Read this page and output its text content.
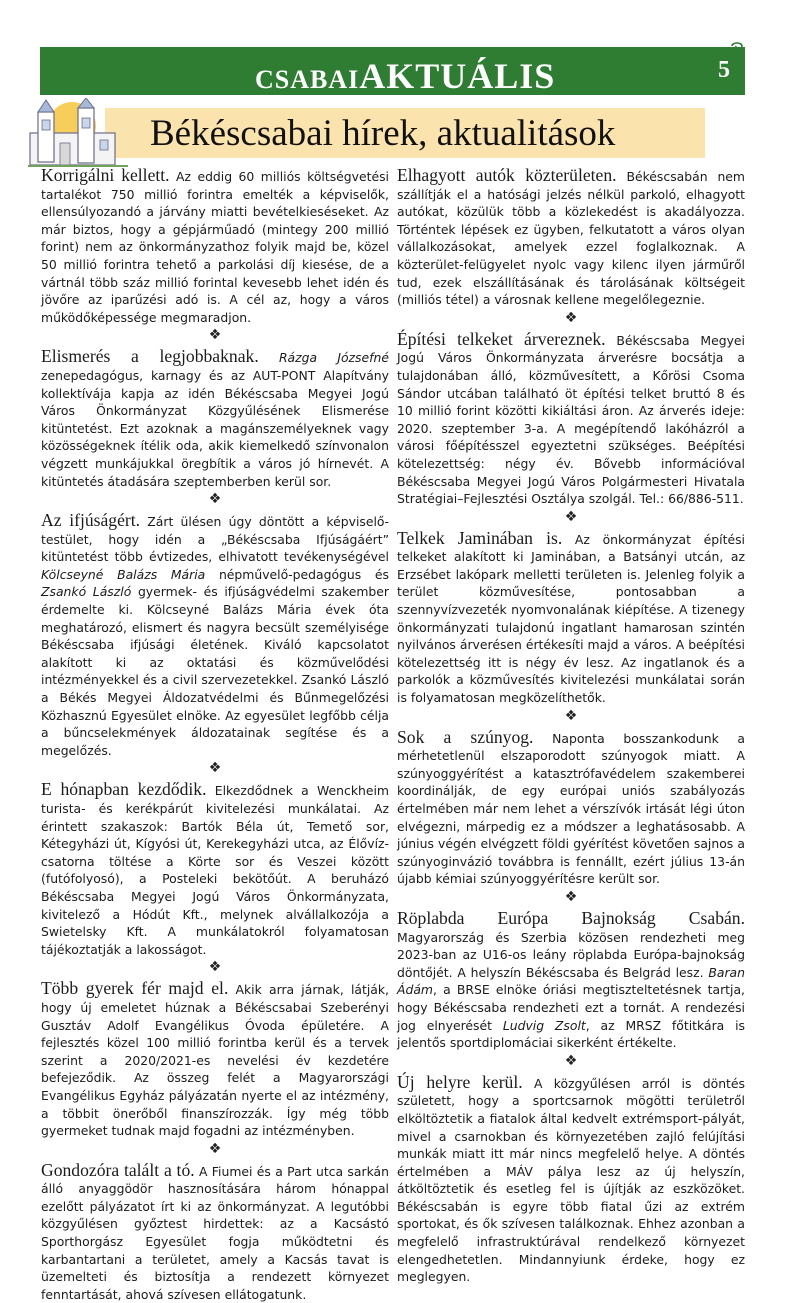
CSABAIAKTUÁLIS	5
Békéscsabai hírek, aktualitások

Korrigálni kellett. Az eddig 60 milliós költségvetési tartalékot 750 millió forintra emelték a képviselők, ellensúlyozandó a járvány miatti bevételkieséseket. Az már biztos, hogy a gépjárműadó (mintegy 200 millió forint) nem az önkormányzathoz folyik majd be, közel 50 millió forintra tehető a parkolási díj kiesése, de a vártnál több száz millió forintal kevesebb lehet idén és jövőre az iparűzési adó is. A cél az, hogy a város működőképessége megmaradjon.

❖

Elismerés a legjobbaknak. Rázga Józsefné zenepedagógus, karnagy és az AUT-PONT Alapítvány kollektívája kapja az idén Békéscsaba Megyei Jogú Város Önkormányzat Közgyűlésének Elismerése kitüntetést. Ezt azoknak a magánszemélyeknek vagy közösségeknek ítélik oda, akik kiemelkedő színvonalon végzett munkájukkal öregbítik a város jó hírnevét. A kitüntetés átadására szeptemberben kerül sor.

❖

Az ifjúságért. Zárt ülésen úgy döntött a képviselő-testület, hogy idén a „Békéscsaba Ifjúságáért” kitüntetést több évtizedes, elhivatott tevékenységével Kölcseyné Balázs Mária népművelő-pedagógus és Zsankó László gyermek- és ifjúságvédelmi szakember érdemelte ki. Kölcseyné Balázs Mária évek óta meghatározó, elismert és nagyra becsült személyisége Békéscsaba ifjúsági életének. Kiváló kapcsolatot alakított ki az oktatási és közművelődési intézményekkel és a civil szervezetekkel. Zsankó László a Békés Megyei Áldozatvédelmi és Bűnmegelőzési Közhasznú Egyesület elnöke. Az egyesület legfőbb célja a bűncselekmények áldozatainak segítése és a megelőzés.

❖

E hónapban kezdődik. Elkezdődnek a Wenckheim turista- és kerékpárút kivitelezési munkálatai. Az érintett szakaszok: Bartók Béla út, Temető sor, Kétegyházi út, Kígyósi út, Kerekegyházi utca, az Élővíz-csatorna töltése a Körte sor és Veszei között (futófolyosó), a Posteleki bekötőút. A beruházó Békéscsaba Megyei Jogú Város Önkormányzata, kivitelező a Hódút Kft., melynek alvállalkozója a Swietelsky Kft. A munkálatokról folyamatosan tájékoztatják a lakosságot.

❖

Több gyerek fér majd el. Akik arra járnak, látják, hogy új emeletet húznak a Békéscsabai Szeberényi Gusztáv Adolf Evangélikus Óvoda épületére. A fejlesztés közel 100 millió forintba kerül és a tervek szerint a 2020/2021-es nevelési év kezdetére befejeződik. Az összeg felét a Magyarországi Evangélikus Egyház pályázatán nyerte el az intézmény, a többit önerőből finanszírozzák. Így még több gyermeket tudnak majd fogadni az intézményben.

❖

Gondozóra talált a tó. A Fiumei és a Part utca sarkán álló anyaggödör hasznosítására három hónappal ezelőtt pályázatot írt ki az önkormányzat. A legutóbbi közgyűlésen győztest hirdettek: az a Kacsástó Sporthorgász Egyesület fogja működtetni és karbantartani a területet, amely a Kacsás tavat is üzemelteti és biztosítja a rendezett környezet fenntartását, ahová szívesen ellátogatunk.

Elhagyott autók közterületen. Békéscsabán nem szállítják el a hatósági jelzés nélkül parkoló, elhagyott autókat, közülük több a közlekedést is akadályozza. Történtek lépések ez ügyben, felkutatott a város olyan vállalkozásokat, amelyek ezzel foglalkoznak. A közterület-felügyelet nyolc vagy kilenc ilyen járműről tud, ezek elszállításának és tárolásának költségeit (milliós tétel) a városnak kellene megelőlegeznie.

❖

Építési telkeket árvereznek. Békéscsaba Megyei Jogú Város Önkormányzata árverésre bocsátja a tulajdonában álló, közművesített, a Kőrösi Csoma Sándor utcában található öt építési telket bruttó 8 és 10 millió forint közötti kikiáltási áron. Az árverés ideje: 2020. szeptember 3-a. A megépítendő lakóházról a városi főépítésszel egyeztetni szükséges. Beépítési kötelezettség: négy év. Bővebb információval Békéscsaba Megyei Jogú Város Polgármesteri Hivatala Stratégiai–Fejlesztési Osztálya szolgál. Tel.: 66/886-511.

❖

Telkek Jaminában is. Az önkormányzat építési telkeket alakított ki Jaminában, a Batsányi utcán, az Erzsébet lakópark melletti területen is. Jelenleg folyik a terület közművesítése, pontosabban a szennyvízvezeték nyomvonalának kiépítése. A tizenegy önkormányzati tulajdonú ingatlant hamarosan szintén nyilvános árverésen értékesíti majd a város. A beépítési kötelezettség itt is négy év lesz. Az ingatlanok és a parkolók a közművesítés kivitelezési munkálatai során is folyamatosan megközelíthetők.

❖

Sok a szúnyog. Naponta bosszankodunk a mérhetetlenül elszaporodott szúnyogok miatt. A szúnyoggyérítést a katasztrófavédelem szakemberei koordinálják, de egy európai uniós szabályozás értelmében már nem lehet a vérszívók irtását légi úton elvégezni, márpedig ez a módszer a leghatásosabb. A június végén elvégzett földi gyérítést követően sajnos a szúnyoginvázió továbbra is fennállt, ezért július 13-án újabb kémiai szúnyoggyérítésre került sor.

❖

Röplabda Európa Bajnokság Csabán. Magyarország és Szerbia közösen rendezheti meg 2023-ban az U16-os leány röplabda Európa-bajnokság döntőjét. A helyszín Békéscsaba és Belgrád lesz. Baran Ádám, a BRSE elnöke óriási megtiszteltetésnek tartja, hogy Békéscsaba rendezheti ezt a tornát. A rendezési jog elnyerését Ludvig Zsolt, az MRSZ főtitkára is jelentős sportdiplomáciai sikerként értékelte.

❖

Új helyre kerül. A közgyűlésen arról is döntés született, hogy a sportcsarnok mögötti területről elköltöztetik a fiatalok által kedvelt extrémsport-pályát, mivel a csarnokban és környezetében zajló felújítási munkák miatt itt már nincs megfelelő helye. A döntés értelmében a MÁV pálya lesz az új helyszín, átköltöztetik és esetleg fel is újítják az eszközöket. Békéscsabán is egyre több fiatal űzi az extrém sportokat, és ők szívesen találkoznak. Ehhez azonban a megfelelő infrastruktúrával rendelkező környezet elengedhetetlen. Mindannyiunk érdeke, hogy ez meglegyen.
